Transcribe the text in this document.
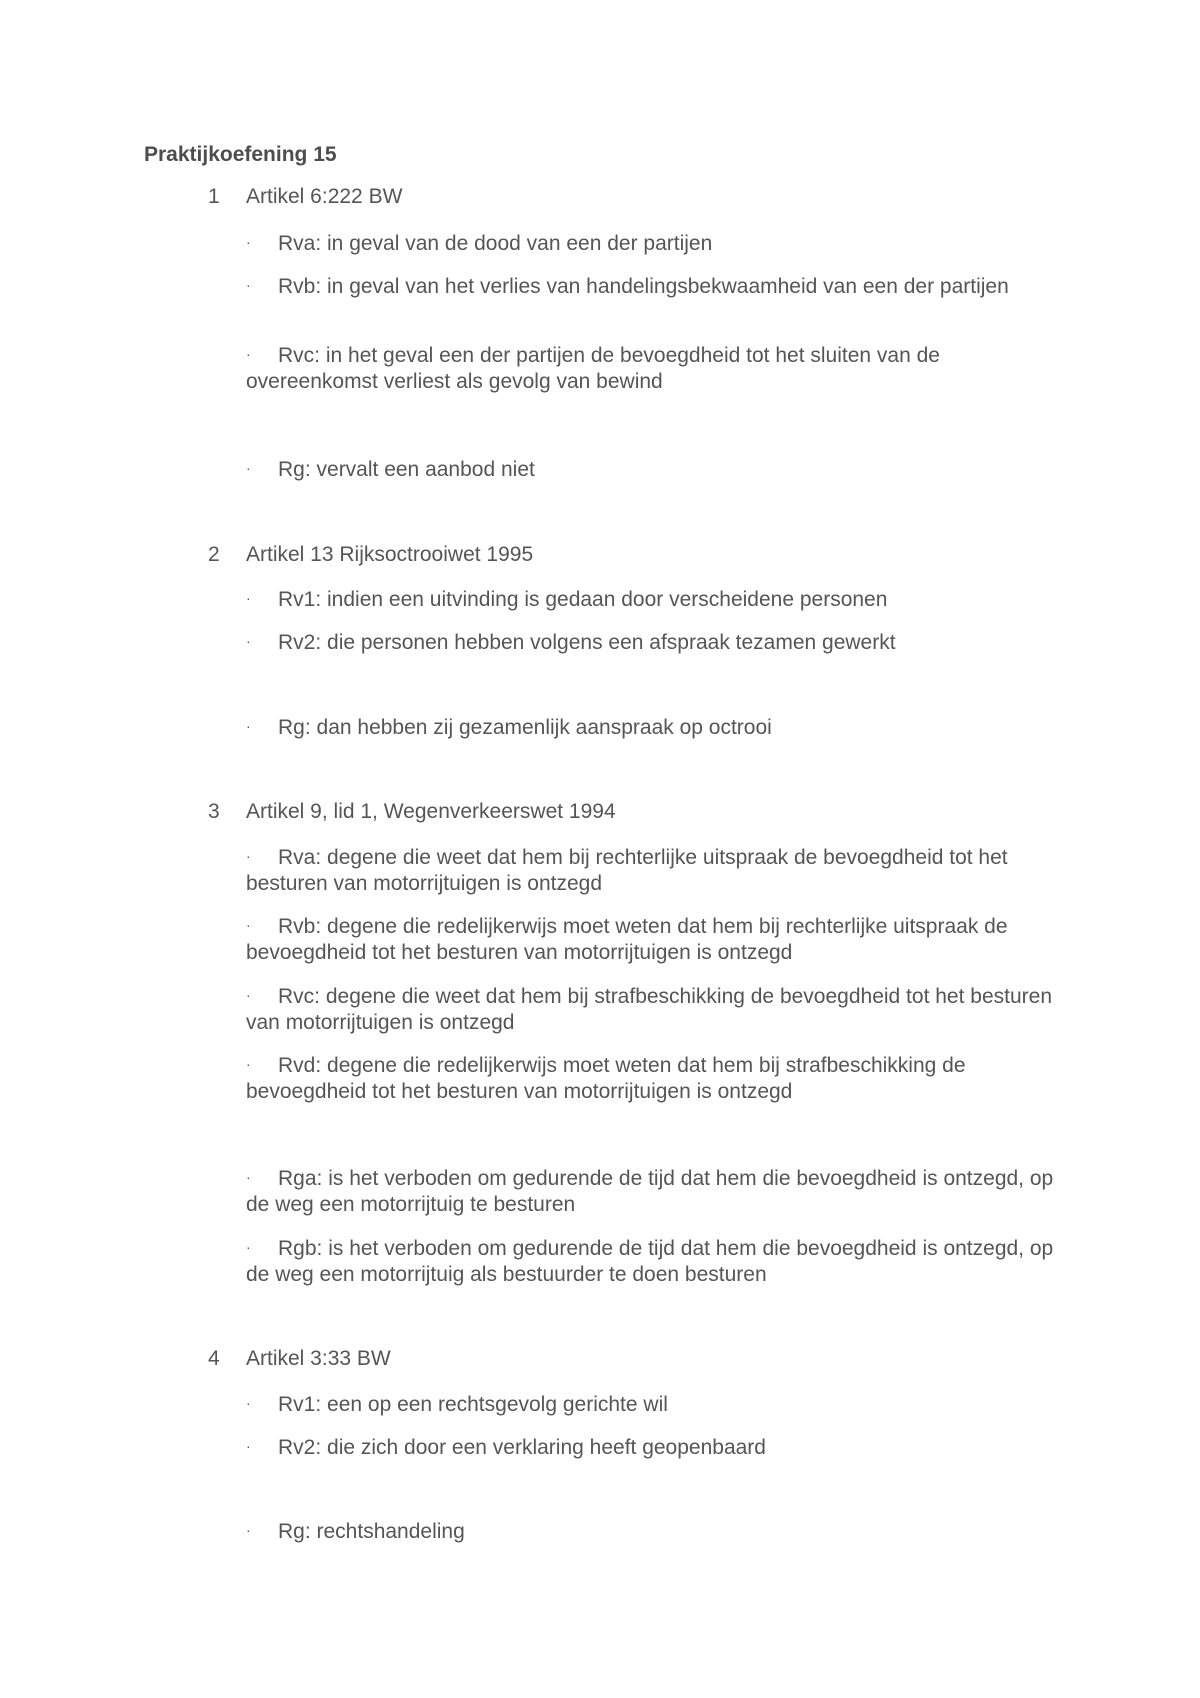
Praktijkoefening 15
1 Artikel 6:222 BW
· Rva: in geval van de dood van een der partijen
· Rvb: in geval van het verlies van handelingsbekwaamheid van een der partijen
· Rvc: in het geval een der partijen de bevoegdheid tot het sluiten van de overeenkomst verliest als gevolg van bewind
· Rg: vervalt een aanbod niet
2 Artikel 13 Rijksoctrooiwet 1995
· Rv1: indien een uitvinding is gedaan door verscheidene personen
· Rv2: die personen hebben volgens een afspraak tezamen gewerkt
· Rg: dan hebben zij gezamenlijk aanspraak op octrooi
3 Artikel 9, lid 1, Wegenverkeerswet 1994
· Rva: degene die weet dat hem bij rechterlijke uitspraak de bevoegdheid tot het besturen van motorrijtuigen is ontzegd
· Rvb: degene die redelijkerwijs moet weten dat hem bij rechterlijke uitspraak de bevoegdheid tot het besturen van motorrijtuigen is ontzegd
· Rvc: degene die weet dat hem bij strafbeschikking de bevoegdheid tot het besturen van motorrijtuigen is ontzegd
· Rvd: degene die redelijkerwijs moet weten dat hem bij strafbeschikking de bevoegdheid tot het besturen van motorrijtuigen is ontzegd
· Rga: is het verboden om gedurende de tijd dat hem die bevoegdheid is ontzegd, op de weg een motorrijtuig te besturen
· Rgb: is het verboden om gedurende de tijd dat hem die bevoegdheid is ontzegd, op de weg een motorrijtuig als bestuurder te doen besturen
4 Artikel 3:33 BW
· Rv1: een op een rechtsgevolg gerichte wil
· Rv2: die zich door een verklaring heeft geopenbaard
· Rg: rechtshandeling
